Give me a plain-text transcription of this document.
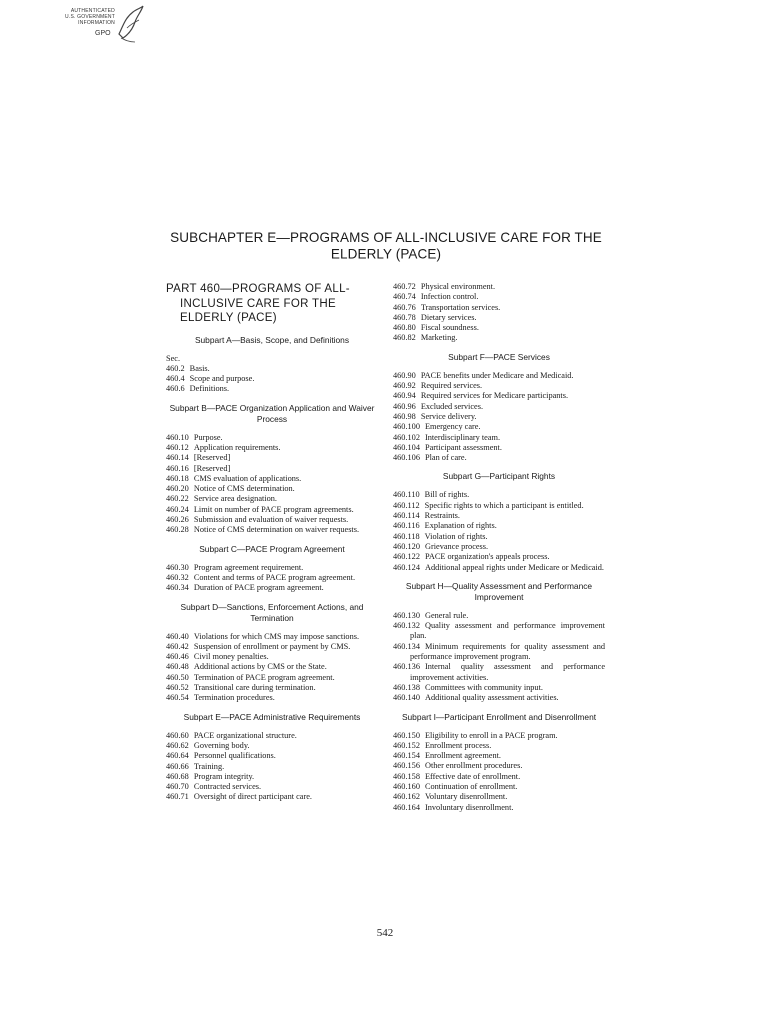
AUTHENTICATED
U.S. GOVERNMENT
INFORMATION
GPO
SUBCHAPTER E—PROGRAMS OF ALL-INCLUSIVE CARE FOR THE ELDERLY (PACE)
PART 460—PROGRAMS OF ALL-INCLUSIVE CARE FOR THE ELDERLY (PACE)
Subpart A—Basis, Scope, and Definitions
Sec.
460.2 Basis.
460.4 Scope and purpose.
460.6 Definitions.
Subpart B—PACE Organization Application and Waiver Process
460.10 Purpose.
460.12 Application requirements.
460.14 [Reserved]
460.16 [Reserved]
460.18 CMS evaluation of applications.
460.20 Notice of CMS determination.
460.22 Service area designation.
460.24 Limit on number of PACE program agreements.
460.26 Submission and evaluation of waiver requests.
460.28 Notice of CMS determination on waiver requests.
Subpart C—PACE Program Agreement
460.30 Program agreement requirement.
460.32 Content and terms of PACE program agreement.
460.34 Duration of PACE program agreement.
Subpart D—Sanctions, Enforcement Actions, and Termination
460.40 Violations for which CMS may impose sanctions.
460.42 Suspension of enrollment or payment by CMS.
460.46 Civil money penalties.
460.48 Additional actions by CMS or the State.
460.50 Termination of PACE program agreement.
460.52 Transitional care during termination.
460.54 Termination procedures.
Subpart E—PACE Administrative Requirements
460.60 PACE organizational structure.
460.62 Governing body.
460.64 Personnel qualifications.
460.66 Training.
460.68 Program integrity.
460.70 Contracted services.
460.71 Oversight of direct participant care.
460.72 Physical environment.
460.74 Infection control.
460.76 Transportation services.
460.78 Dietary services.
460.80 Fiscal soundness.
460.82 Marketing.
Subpart F—PACE Services
460.90 PACE benefits under Medicare and Medicaid.
460.92 Required services.
460.94 Required services for Medicare participants.
460.96 Excluded services.
460.98 Service delivery.
460.100 Emergency care.
460.102 Interdisciplinary team.
460.104 Participant assessment.
460.106 Plan of care.
Subpart G—Participant Rights
460.110 Bill of rights.
460.112 Specific rights to which a participant is entitled.
460.114 Restraints.
460.116 Explanation of rights.
460.118 Violation of rights.
460.120 Grievance process.
460.122 PACE organization's appeals process.
460.124 Additional appeal rights under Medicare or Medicaid.
Subpart H—Quality Assessment and Performance Improvement
460.130 General rule.
460.132 Quality assessment and performance improvement plan.
460.134 Minimum requirements for quality assessment and performance improvement program.
460.136 Internal quality assessment and performance improvement activities.
460.138 Committees with community input.
460.140 Additional quality assessment activities.
Subpart I—Participant Enrollment and Disenrollment
460.150 Eligibility to enroll in a PACE program.
460.152 Enrollment process.
460.154 Enrollment agreement.
460.156 Other enrollment procedures.
460.158 Effective date of enrollment.
460.160 Continuation of enrollment.
460.162 Voluntary disenrollment.
460.164 Involuntary disenrollment.
542
